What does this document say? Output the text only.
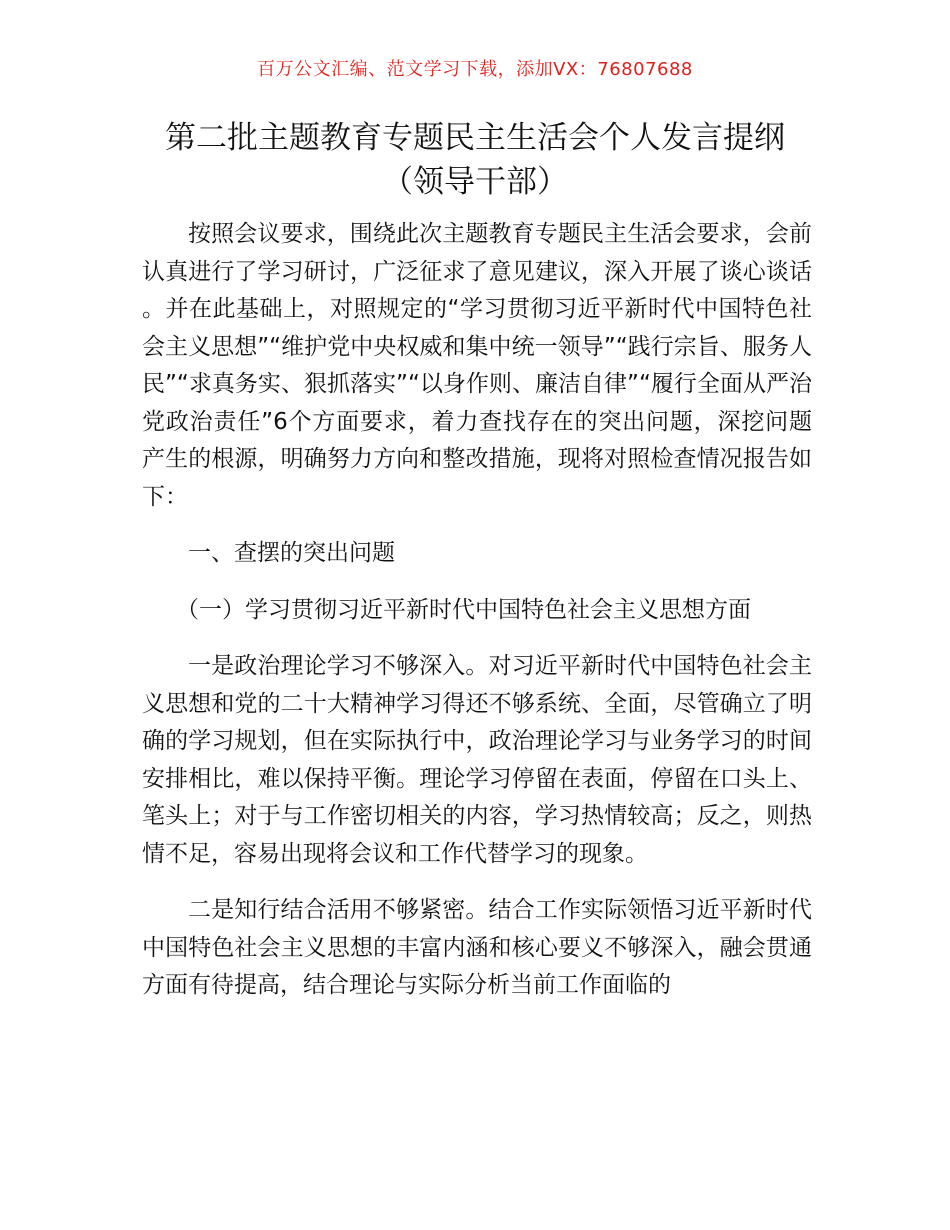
百万公文汇编、范文学习下载，添加VX：76807688
第二批主题教育专题民主生活会个人发言提纲
（领导干部）

按照会议要求，围绕此次主题教育专题民主生活会要求，会前认真进行了学习研讨，广泛征求了意见建议，深入开展了谈心谈话。并在此基础上，对照规定的“学习贯彻习近平新时代中国特色社会主义思想”“维护党中央权威和集中统一领导”“践行宗旨、服务人民”“求真务实、狠抓落实”“以身作则、廉洁自律”“履行全面从严治党政治责任”6个方面要求，着力查找存在的突出问题，深挖问题产生的根源，明确努力方向和整改措施，现将对照检查情况报告如下：

一、查摆的突出问题

（一）学习贯彻习近平新时代中国特色社会主义思想方面

一是政治理论学习不够深入。对习近平新时代中国特色社会主义思想和党的二十大精神学习得还不够系统、全面，尽管确立了明确的学习规划，但在实际执行中，政治理论学习与业务学习的时间安排相比，难以保持平衡。理论学习停留在表面，停留在口头上、笔头上；对于与工作密切相关的内容，学习热情较高；反之，则热情不足，容易出现将会议和工作代替学习的现象。

二是知行结合活用不够紧密。结合工作实际领悟习近平新时代中国特色社会主义思想的丰富内涵和核心要义不够深入，融会贯通方面有待提高，结合理论与实际分析当前工作面临的
